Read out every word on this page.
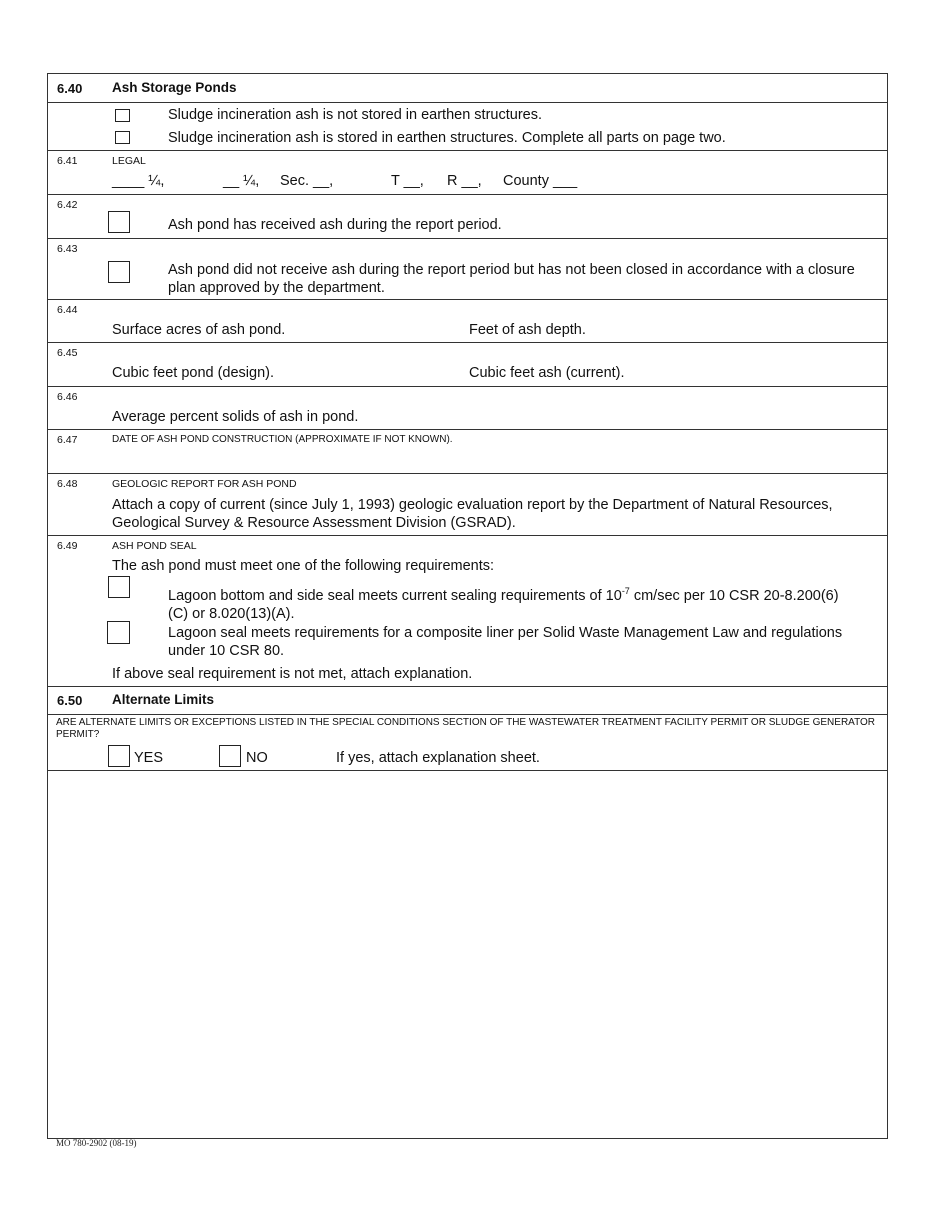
6.40 Ash Storage Ponds
Sludge incineration ash is not stored in earthen structures.
Sludge incineration ash is stored in earthen structures. Complete all parts on page two.
6.41	LEGAL
____ ¼,	__ ¼, Sec. __,	T __, R __, County ___
6.42
Ash pond has received ash during the report period.
6.43
Ash pond did not receive ash during the report period but has not been closed in accordance with a closure plan approved by the department.
6.44
Surface acres of ash pond.	Feet of ash depth.
6.45
Cubic feet pond (design).	Cubic feet ash (current).
6.46
Average percent solids of ash in pond.
6.47	DATE OF ASH POND CONSTRUCTION (APPROXIMATE IF NOT KNOWN).
6.48	GEOLOGIC REPORT FOR ASH POND
Attach a copy of current (since July 1, 1993) geologic evaluation report by the Department of Natural Resources, Geological Survey & Resource Assessment Division (GSRAD).
6.49	ASH POND SEAL
The ash pond must meet one of the following requirements:
Lagoon bottom and side seal meets current sealing requirements of $10^{-7}$ cm/sec per 10 CSR 20-8.200(6)(C) or 8.020(13)(A).
Lagoon seal meets requirements for a composite liner per Solid Waste Management Law and regulations under 10 CSR 80.
If above seal requirement is not met, attach explanation.
6.50 Alternate Limits
ARE ALTERNATE LIMITS OR EXCEPTIONS LISTED IN THE SPECIAL CONDITIONS SECTION OF THE WASTEWATER TREATMENT FACILITY PERMIT OR SLUDGE GENERATOR PERMIT?
YES	NO	If yes, attach explanation sheet.
MO 780-2902 (08-19)
